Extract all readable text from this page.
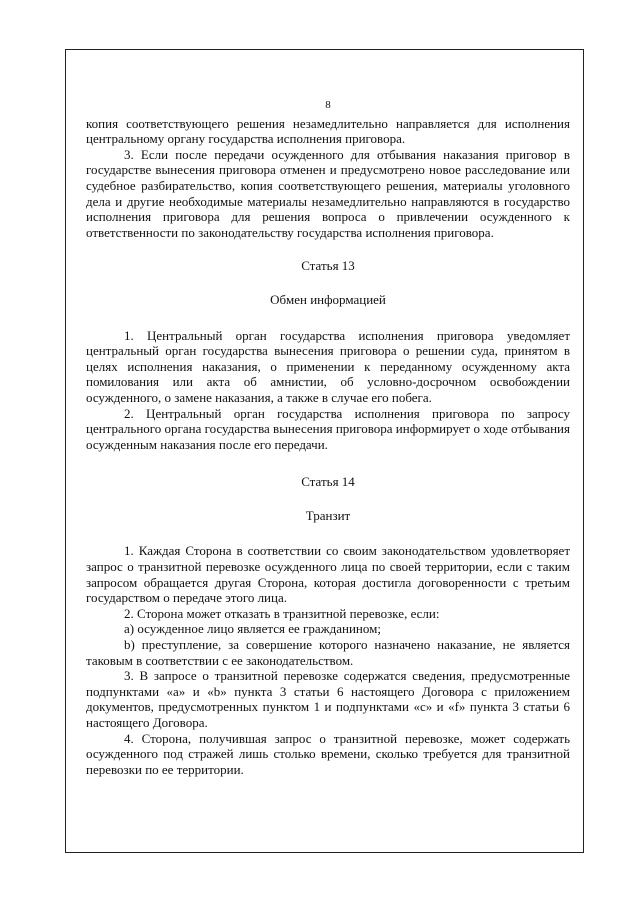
8

копия соответствующего решения незамедлительно направляется для исполнения центральному органу государства исполнения приговора.

3. Если после передачи осужденного для отбывания наказания приговор в государстве вынесения приговора отменен и предусмотрено новое расследование или судебное разбирательство, копия соответствующего решения, материалы уголовного дела и другие необходимые материалы незамедлительно направляются в государство исполнения приговора для решения вопроса о привлечении осужденного к ответственности по законодательству государства исполнения приговора.

Статья 13

Обмен информацией

1. Центральный орган государства исполнения приговора уведомляет центральный орган государства вынесения приговора о решении суда, принятом в целях исполнения наказания, о применении к переданному осужденному акта помилования или акта об амнистии, об условно-досрочном освобождении осужденного, о замене наказания, а также в случае его побега.

2. Центральный орган государства исполнения приговора по запросу центрального органа государства вынесения приговора информирует о ходе отбывания осужденным наказания после его передачи.

Статья 14

Транзит

1. Каждая Сторона в соответствии со своим законодательством удовлетворяет запрос о транзитной перевозке осужденного лица по своей территории, если с таким запросом обращается другая Сторона, которая достигла договоренности с третьим государством о передаче этого лица.

2. Сторона может отказать в транзитной перевозке, если:

а) осужденное лицо является ее гражданином;

b) преступление, за совершение которого назначено наказание, не является таковым в соответствии с ее законодательством.

3. В запросе о транзитной перевозке содержатся сведения, предусмотренные подпунктами «а» и «b» пункта 3 статьи 6 настоящего Договора с приложением документов, предусмотренных пунктом 1 и подпунктами «с» и «f» пункта 3 статьи 6 настоящего Договора.

4. Сторона, получившая запрос о транзитной перевозке, может содержать осужденного под стражей лишь столько времени, сколько требуется для транзитной перевозки по ее территории.
